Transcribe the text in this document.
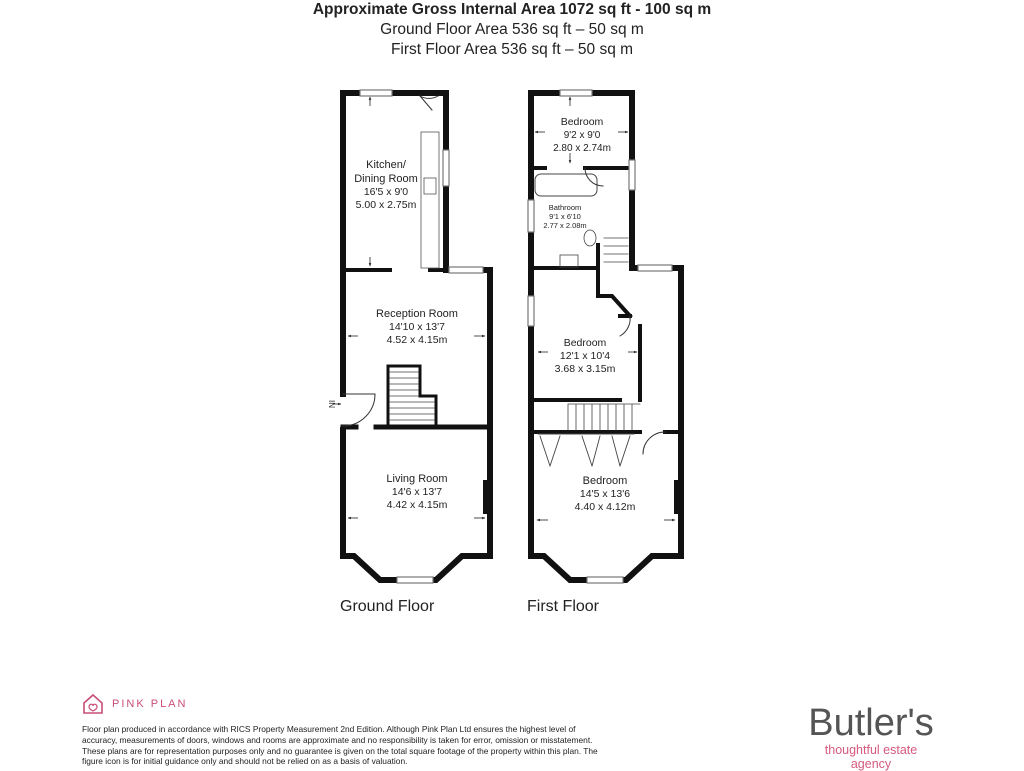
Approximate Gross Internal Area 1072 sq ft - 100 sq m
Ground Floor Area 536 sq ft – 50 sq m
First Floor Area 536 sq ft – 50 sq m
Kitchen/
Dining Room
16'5 x 9'0
5.00 x 2.75m
Reception Room
14'10 x 13'7
4.52 x 4.15m
Living Room
14'6 x 13'7
4.42 x 4.15m
IN
Bedroom
9'2 x 9'0
2.80 x 2.74m
Bathroom
9'1 x 6'10
2.77 x 2.08m
Bedroom
12'1 x 10'4
3.68 x 3.15m
Bedroom
14'5 x 13'6
4.40 x 4.12m
Ground Floor	First Floor
PINK PLAN
Floor plan produced in accordance with RICS Property Measurement 2nd Edition. Although Pink Plan Ltd ensures the highest level of accuracy, measurements of doors, windows and rooms are approximate and no responsibility is taken for error, omission or misstatement. These plans are for representation purposes only and no guarantee is given on the total square footage of the property within this plan. The figure icon is for initial guidance only and should not be relied on as a basis of valuation.
Butler's
thoughtful estate agency
